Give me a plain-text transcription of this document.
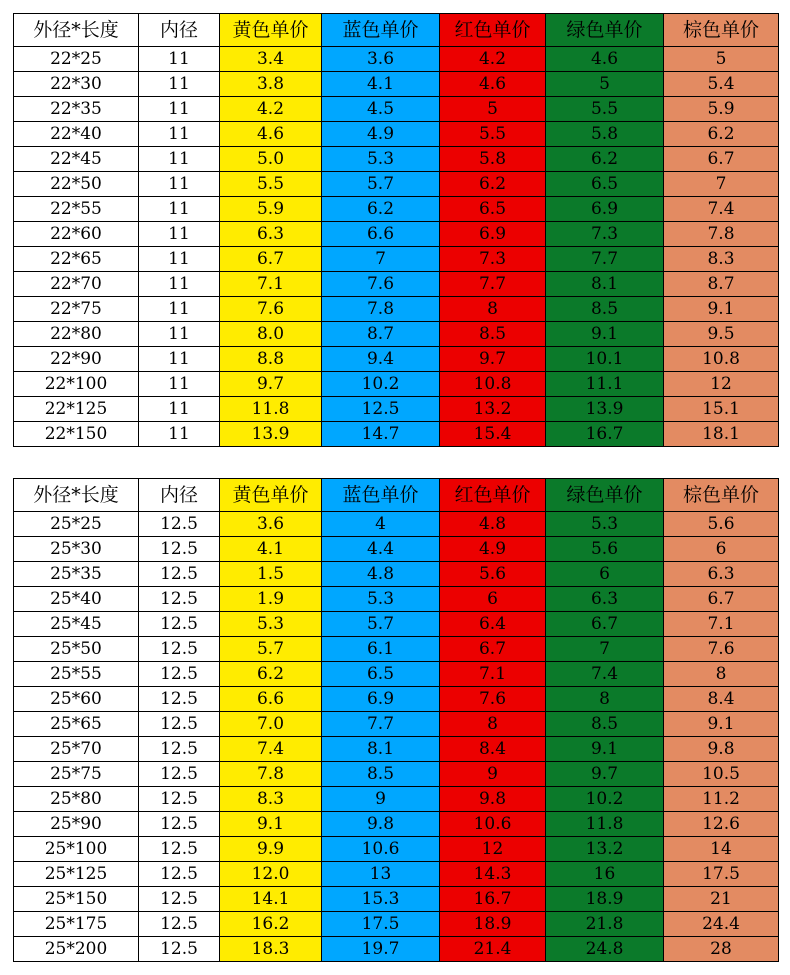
外径*长度	内径	黄色单价	蓝色单价	红色单价	绿色单价	棕色单价
22*25	11	3.4	3.6	4.2	4.6	5
22*30	11	3.8	4.1	4.6	5	5.4
22*35	11	4.2	4.5	5	5.5	5.9
22*40	11	4.6	4.9	5.5	5.8	6.2
22*45	11	5.0	5.3	5.8	6.2	6.7
22*50	11	5.5	5.7	6.2	6.5	7
22*55	11	5.9	6.2	6.5	6.9	7.4
22*60	11	6.3	6.6	6.9	7.3	7.8
22*65	11	6.7	7	7.3	7.7	8.3
22*70	11	7.1	7.6	7.7	8.1	8.7
22*75	11	7.6	7.8	8	8.5	9.1
22*80	11	8.0	8.7	8.5	9.1	9.5
22*90	11	8.8	9.4	9.7	10.1	10.8
22*100	11	9.7	10.2	10.8	11.1	12
22*125	11	11.8	12.5	13.2	13.9	15.1
22*150	11	13.9	14.7	15.4	16.7	18.1
外径*长度	内径	黄色单价	蓝色单价	红色单价	绿色单价	棕色单价
25*25	12.5	3.6	4	4.8	5.3	5.6
25*30	12.5	4.1	4.4	4.9	5.6	6
25*35	12.5	1.5	4.8	5.6	6	6.3
25*40	12.5	1.9	5.3	6	6.3	6.7
25*45	12.5	5.3	5.7	6.4	6.7	7.1
25*50	12.5	5.7	6.1	6.7	7	7.6
25*55	12.5	6.2	6.5	7.1	7.4	8
25*60	12.5	6.6	6.9	7.6	8	8.4
25*65	12.5	7.0	7.7	8	8.5	9.1
25*70	12.5	7.4	8.1	8.4	9.1	9.8
25*75	12.5	7.8	8.5	9	9.7	10.5
25*80	12.5	8.3	9	9.8	10.2	11.2
25*90	12.5	9.1	9.8	10.6	11.8	12.6
25*100	12.5	9.9	10.6	12	13.2	14
25*125	12.5	12.0	13	14.3	16	17.5
25*150	12.5	14.1	15.3	16.7	18.9	21
25*175	12.5	16.2	17.5	18.9	21.8	24.4
25*200	12.5	18.3	19.7	21.4	24.8	28
